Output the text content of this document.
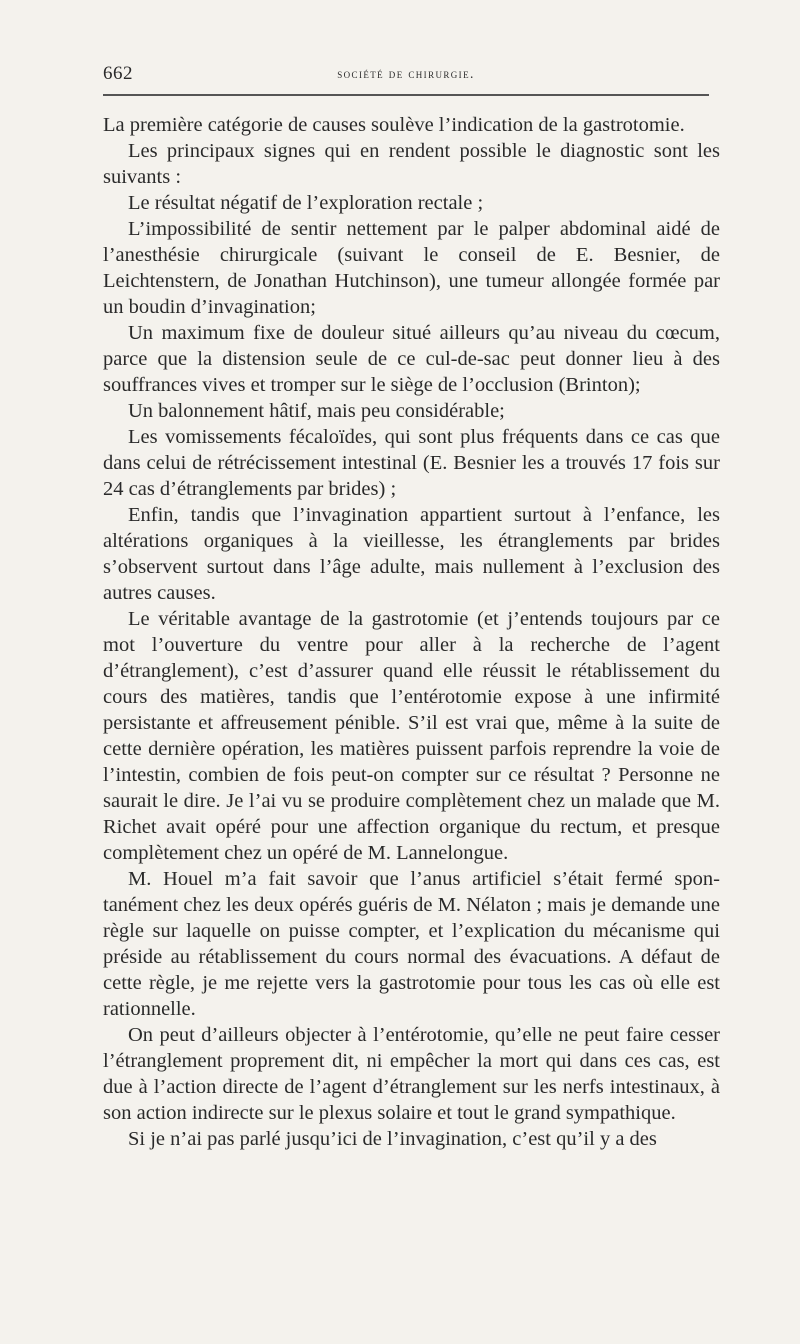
662	société de chirurgie.

La première catégorie de causes soulève l’indication de la gastrotomie.

Les principaux signes qui en rendent possible le diagnostic sont les suivants :

Le résultat négatif de l’exploration rectale ;

L’impossibilité de sentir nettement par le palper abdominal aidé de l’anesthésie chirurgicale (suivant le conseil de E. Besnier, de Leichtenstern, de Jonathan Hutchinson), une tumeur allongée formée par un boudin d’invagination;

Un maximum fixe de douleur situé ailleurs qu’au niveau du cœcum, parce que la distension seule de ce cul-de-sac peut donner lieu à des souffrances vives et tromper sur le siège de l’occlusion (Brinton);

Un balonnement hâtif, mais peu considérable;

Les vomissements fécaloïdes, qui sont plus fréquents dans ce cas que dans celui de rétrécissement intestinal (E. Besnier les a trouvés 17 fois sur 24 cas d’étranglements par brides) ;

Enfin, tandis que l’invagination appartient surtout à l’enfance, les altérations organiques à la vieillesse, les étranglements par brides s’observent surtout dans l’âge adulte, mais nullement à l’exclusion des autres causes.

Le véritable avantage de la gastrotomie (et j’entends toujours par ce mot l’ouverture du ventre pour aller à la recherche de l’agent d’étranglement), c’est d’assurer quand elle réussit le rétablissement du cours des matières, tandis que l’entérotomie expose à une infirmité persistante et affreusement pénible. S’il est vrai que, même à la suite de cette dernière opération, les matières puissent parfois reprendre la voie de l’intestin, combien de fois peut-on compter sur ce résultat ? Personne ne saurait le dire. Je l’ai vu se produire complètement chez un malade que M. Richet avait opéré pour une affection organique du rectum, et presque complètement chez un opéré de M. Lannelongue.

M. Houel m’a fait savoir que l’anus artificiel s’était fermé spontanément chez les deux opérés guéris de M. Nélaton ; mais je demande une règle sur laquelle on puisse compter, et l’explication du mécanisme qui préside au rétablissement du cours normal des évacuations. A défaut de cette règle, je me rejette vers la gastrotomie pour tous les cas où elle est rationnelle.

On peut d’ailleurs objecter à l’entérotomie, qu’elle ne peut faire cesser l’étranglement proprement dit, ni empêcher la mort qui dans ces cas, est due à l’action directe de l’agent d’étranglement sur les nerfs intestinaux, à son action indirecte sur le plexus solaire et tout le grand sympathique.

Si je n’ai pas parlé jusqu’ici de l’invagination, c’est qu’il y a des
